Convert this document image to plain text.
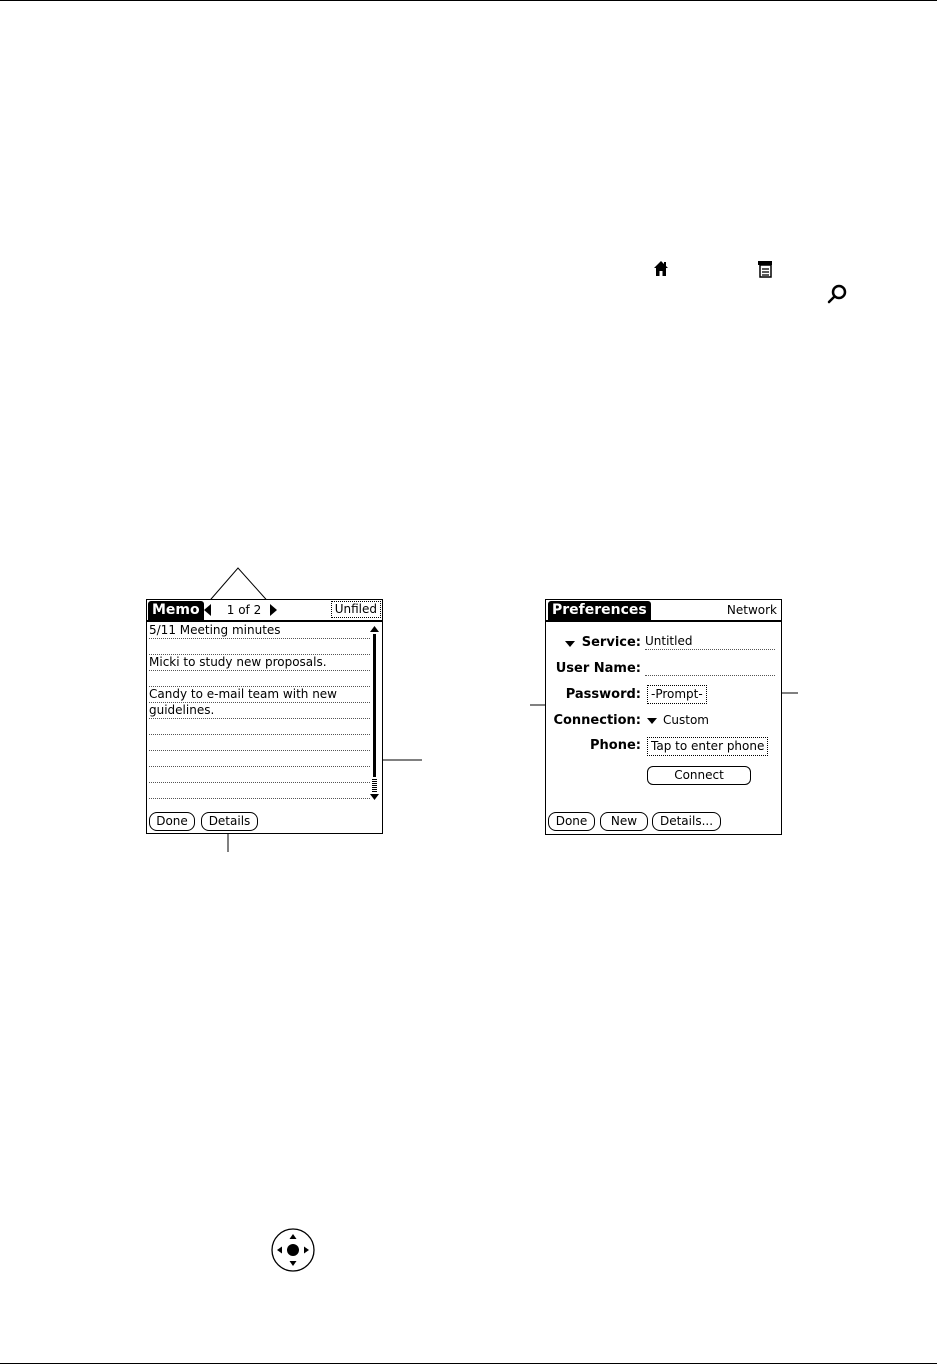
Memo	1 of 2	Unfiled
5/11 Meeting minutes
Micki to study new proposals.
Candy to e-mail team with new
guidelines.
Done	Details
Preferences	Network
Service: Untitled
User Name:
Password: -Prompt-
Connection: Custom
Phone: Tap to enter phone
Connect
Done	New	Details...
